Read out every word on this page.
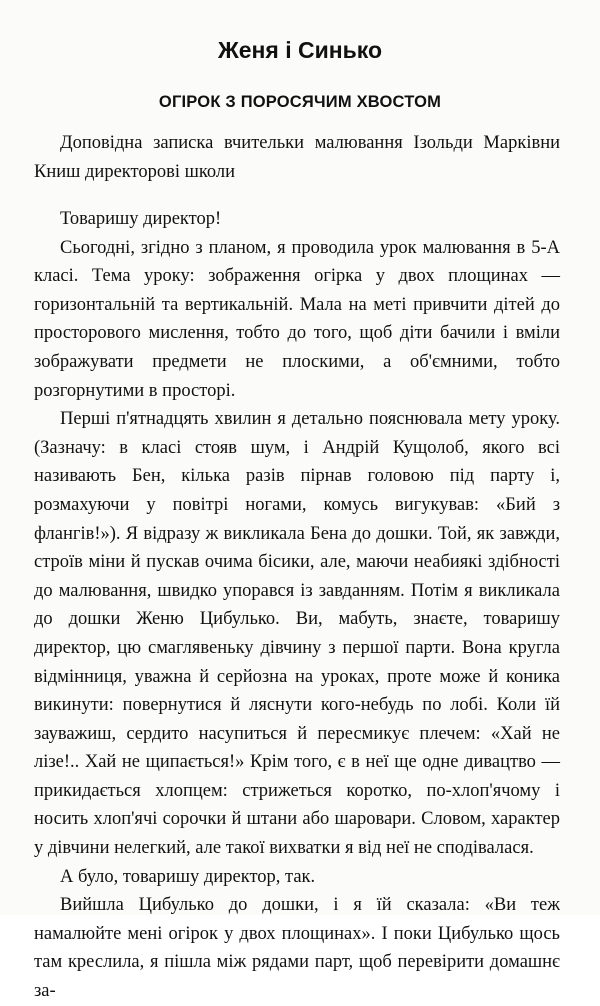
Женя і Синько
ОГІРОК З ПОРОСЯЧИМ ХВОСТОМ

Доповідна записка вчительки малювання Ізольди Марківни Книш директорові школи

Товаришу директор!

Сьогодні, згідно з планом, я проводила урок малювання в 5-А класі. Тема уроку: зображення огірка у двох площинах — горизонтальній та вертикальній. Мала на меті привчити дітей до просторового мислення, тобто до того, щоб діти бачили і вміли зображувати предмети не плоскими, а об'ємними, тобто розгорнутими в просторі.

Перші п'ятнадцять хвилин я детально пояснювала мету уроку. (Зазначу: в класі стояв шум, і Андрій Кущолоб, якого всі називають Бен, кілька разів пірнав головою під парту і, розмахуючи у повітрі ногами, комусь вигукував: «Бий з флангів!»). Я відразу ж викликала Бена до дошки. Той, як завжди, строїв міни й пускав очима бісики, але, маючи неабиякі здібності до малювання, швидко упорався із завданням. Потім я викликала до дошки Женю Цибулько. Ви, мабуть, знаєте, товаришу директор, цю смаглявеньку дівчину з першої парти. Вона кругла відмінниця, уважна й серйозна на уроках, проте може й коника викинути: повернутися й ляснути кого-небудь по лобі. Коли їй зауважиш, сердито насупиться й пересмикує плечем: «Хай не лізе!.. Хай не щипається!» Крім того, є в неї ще одне дивацтво — прикидається хлопцем: стрижеться коротко, по-хлоп'ячому і носить хлоп'ячі сорочки й штани або шаровари. Словом, характер у дівчини нелегкий, але такої вихватки я від неї не сподівалася.

А було, товаришу директор, так.

Вийшла Цибулько до дошки, і я їй сказала: «Ви теж намалюйте мені огірок у двох площинах». І поки Цибулько щось там креслила, я пішла між рядами парт, щоб перевірити домашнє за-
